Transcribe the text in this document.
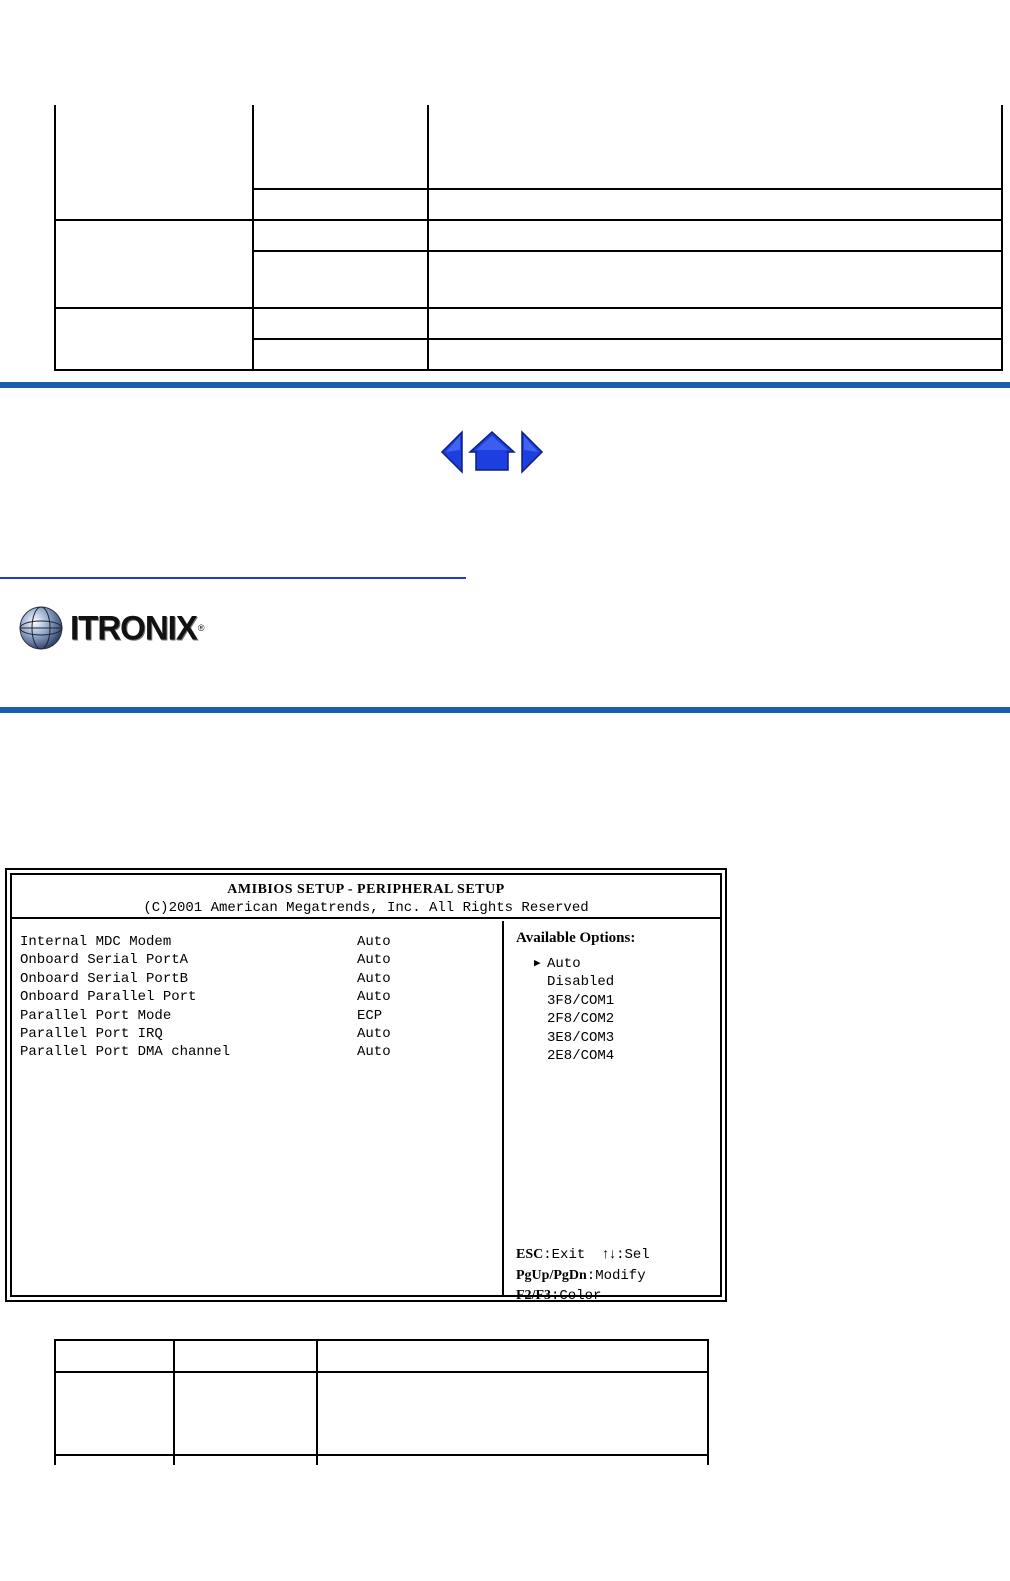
ITRONIX ®
AMIBIOS SETUP - PERIPHERAL SETUP
(C)2001 American Megatrends, Inc. All Rights Reserved
Internal MDC Modem	Auto
Onboard Serial PortA	Auto
Onboard Serial PortB	Auto
Onboard Parallel Port	Auto
Parallel Port Mode	ECP
Parallel Port IRQ	Auto
Parallel Port DMA channel	Auto
Available Options:
▶ Auto
Disabled
3F8/COM1
2F8/COM2
3E8/COM3
2E8/COM4
ESC:Exit ↑↓:Sel
PgUp/PgDn:Modify
F2/F3:Color
